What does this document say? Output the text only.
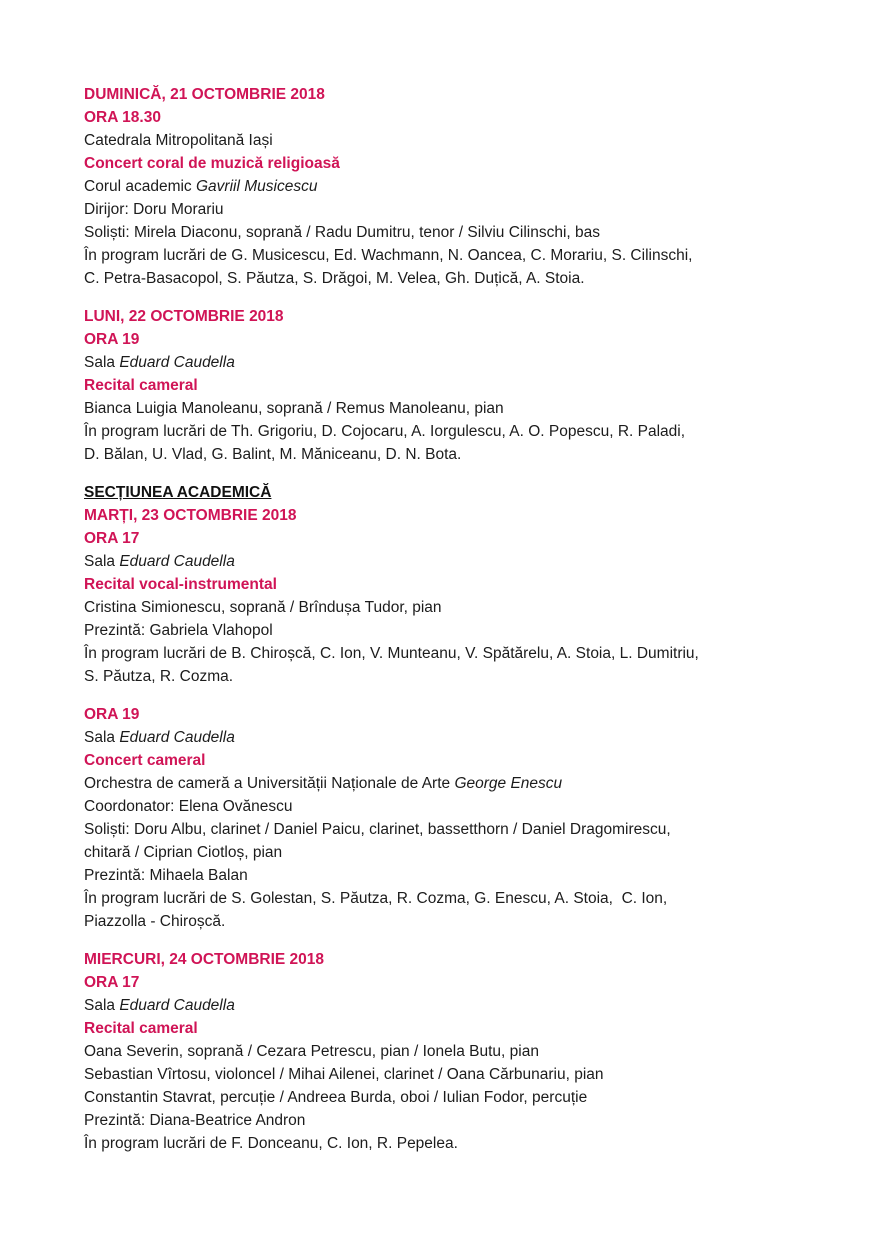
DUMINICĂ, 21 OCTOMBRIE 2018
ORA 18.30
Catedrala Mitropolitană Iași
Concert coral de muzică religioasă
Corul academic Gavriil Musicescu
Dirijor: Doru Morariu
Soliști: Mirela Diaconu, soprană / Radu Dumitru, tenor / Silviu Cilinschi, bas
În program lucrări de G. Musicescu, Ed. Wachmann, N. Oancea, C. Morariu, S. Cilinschi,
C. Petra-Basacopol, S. Păutza, S. Drăgoi, M. Velea, Gh. Duțică, A. Stoia.
LUNI, 22 OCTOMBRIE 2018
ORA 19
Sala Eduard Caudella
Recital cameral
Bianca Luigia Manoleanu, soprană / Remus Manoleanu, pian
În program lucrări de Th. Grigoriu, D. Cojocaru, A. Iorgulescu, A. O. Popescu, R. Paladi,
D. Bălan, U. Vlad, G. Balint, M. Măniceanu, D. N. Bota.
SECȚIUNEA ACADEMICĂ
MARȚI, 23 OCTOMBRIE 2018
ORA 17
Sala Eduard Caudella
Recital vocal-instrumental
Cristina Simionescu, soprană / Brîndușa Tudor, pian
Prezintă: Gabriela Vlahopol
În program lucrări de B. Chiroșcă, C. Ion, V. Munteanu, V. Spătărelu, A. Stoia, L. Dumitriu,
S. Păutza, R. Cozma.
ORA 19
Sala Eduard Caudella
Concert cameral
Orchestra de cameră a Universității Naționale de Arte George Enescu
Coordonator: Elena Ovănescu
Soliști: Doru Albu, clarinet / Daniel Paicu, clarinet, bassetthorn / Daniel Dragomirescu,
chitară / Ciprian Ciotloș, pian
Prezintă: Mihaela Balan
În program lucrări de S. Golestan, S. Păutza, R. Cozma, G. Enescu, A. Stoia,  C. Ion,
Piazzolla - Chiroșcă.
MIERCURI, 24 OCTOMBRIE 2018
ORA 17
Sala Eduard Caudella
Recital cameral
Oana Severin, soprană / Cezara Petrescu, pian / Ionela Butu, pian
Sebastian Vîrtosu, violoncel / Mihai Ailenei, clarinet / Oana Cărbunariu, pian
Constantin Stavrat, percuție / Andreea Burda, oboi / Iulian Fodor, percuție
Prezintă: Diana-Beatrice Andron
În program lucrări de F. Donceanu, C. Ion, R. Pepelea.
